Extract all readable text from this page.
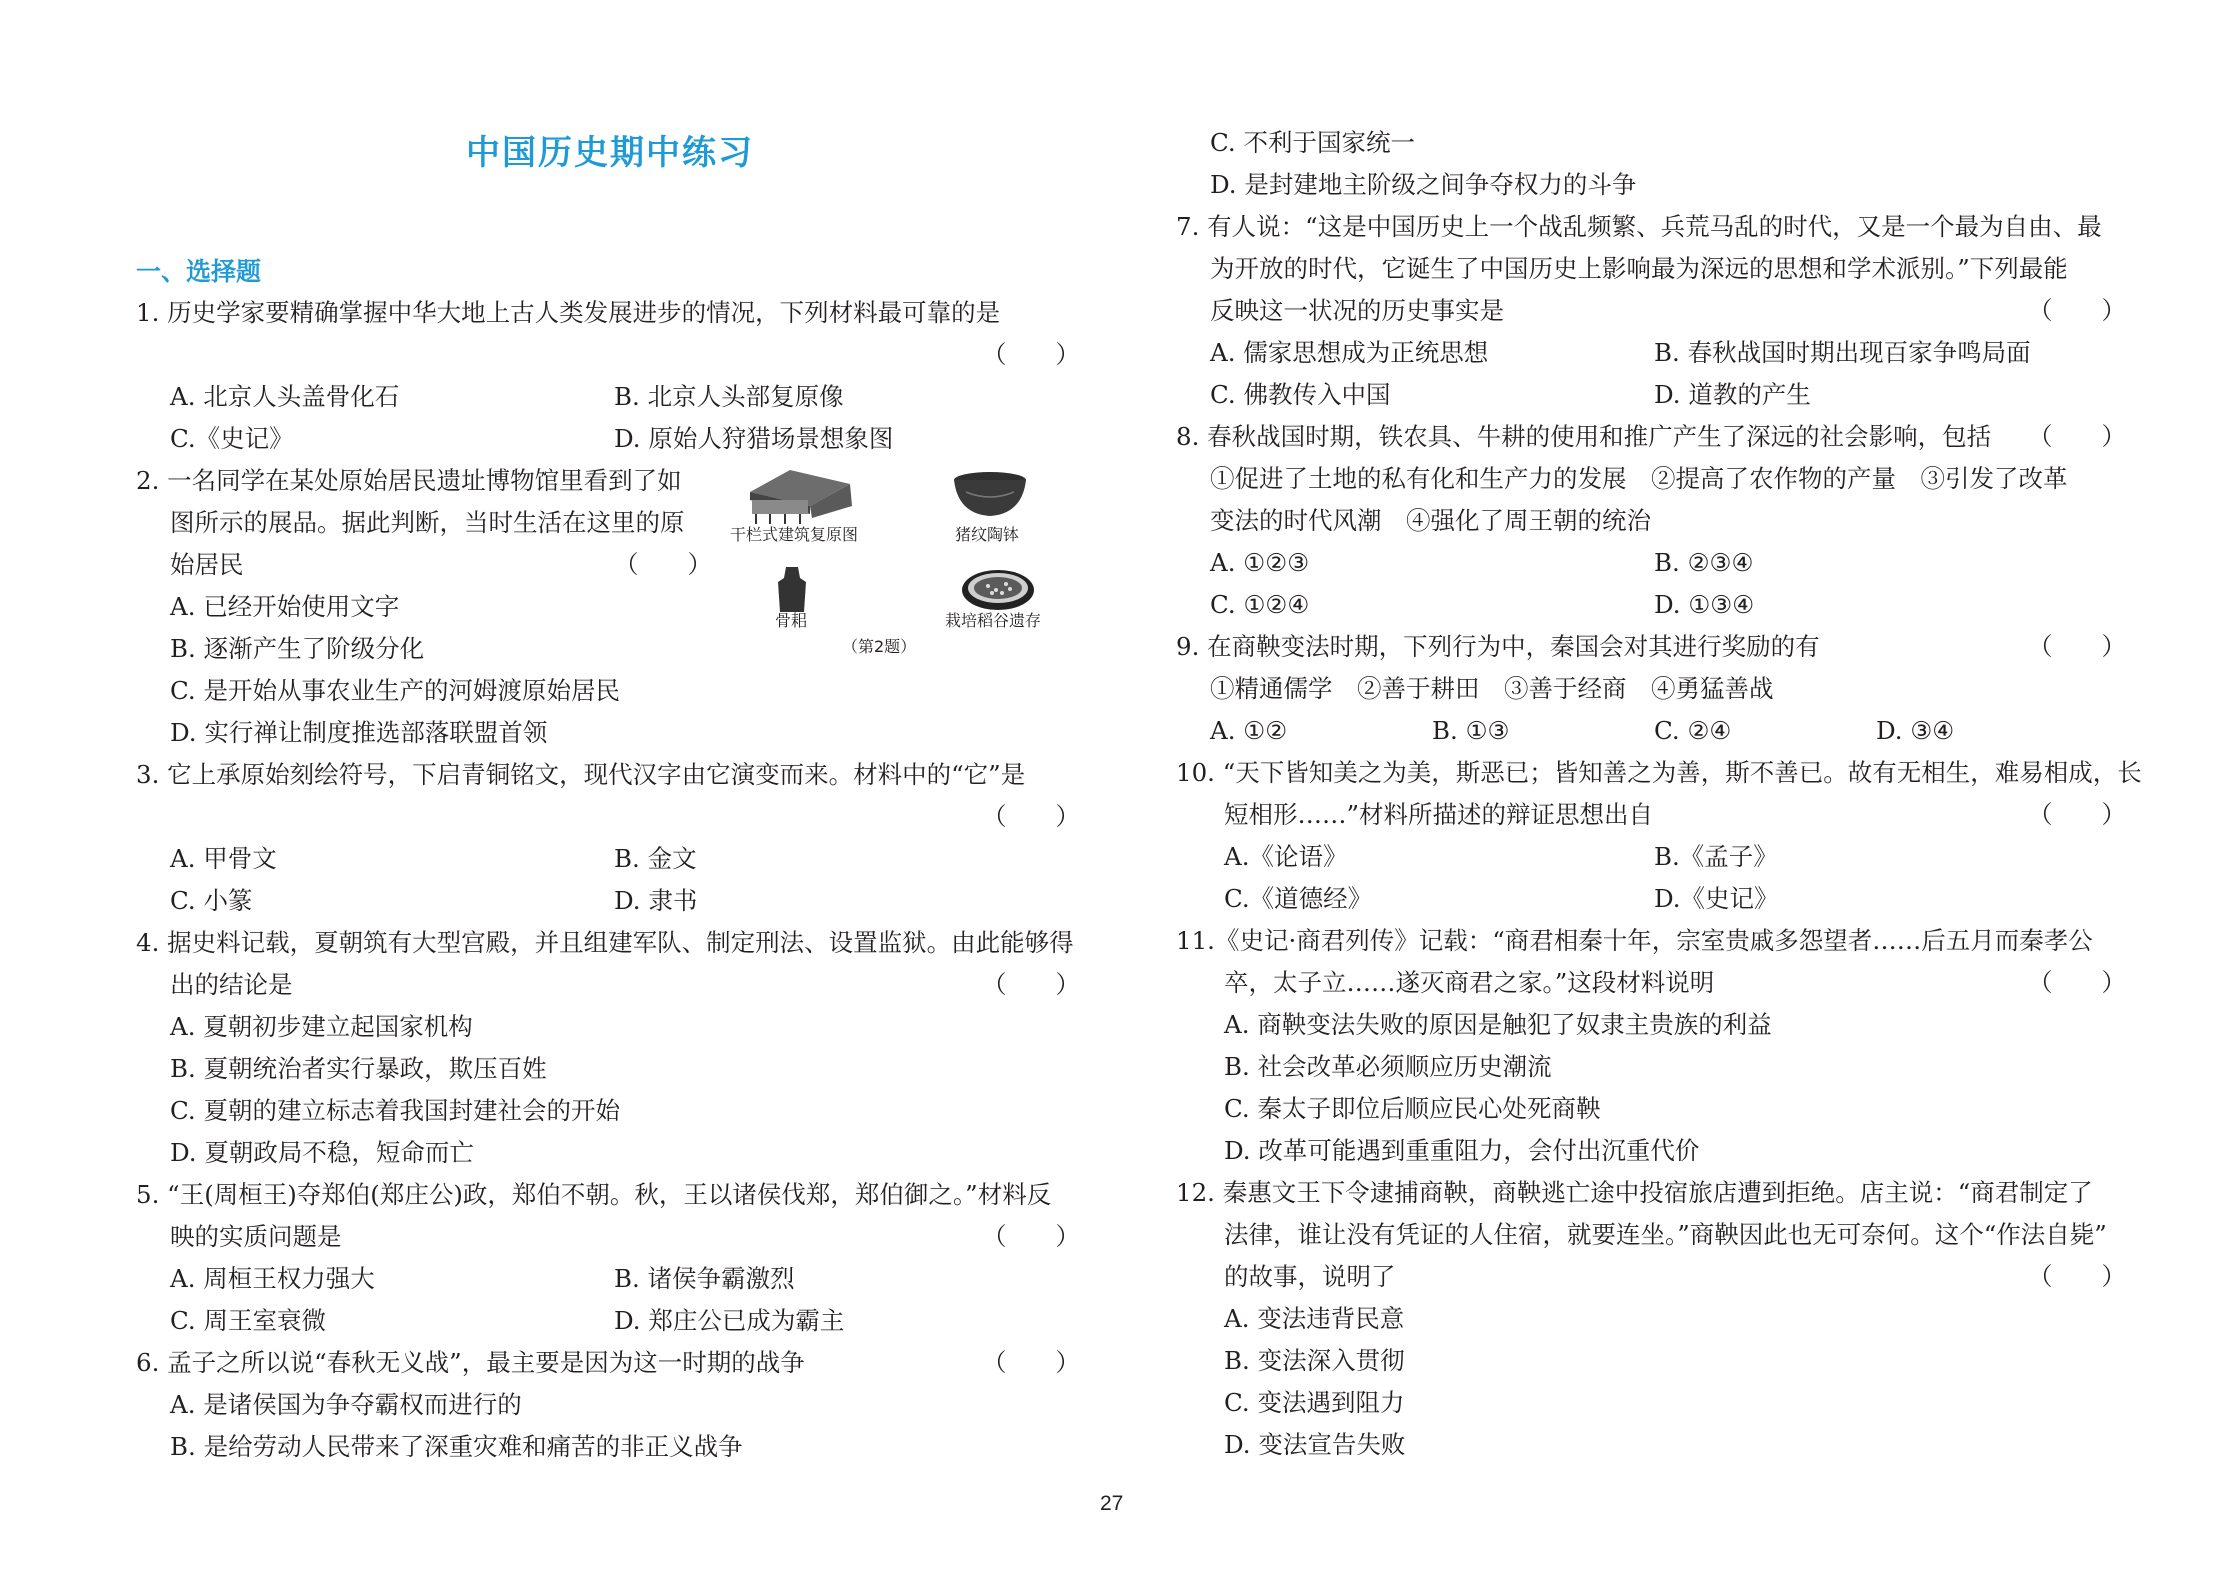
中国历史期中练习
一、选择题
1. 历史学家要精确掌握中华大地上古人类发展进步的情况，下列材料最可靠的是
（　　）
A. 北京人头盖骨化石	B. 北京人头部复原像
C.《史记》	D. 原始人狩猎场景想象图
2. 一名同学在某处原始居民遗址博物馆里看到了如
图所示的展品。据此判断，当时生活在这里的原
始居民	（　　）
A. 已经开始使用文字
B. 逐渐产生了阶级分化
C. 是开始从事农业生产的河姆渡原始居民
D. 实行禅让制度推选部落联盟首领
干栏式建筑复原图	猪纹陶钵
骨耜	栽培稻谷遗存
（第2题）
3. 它上承原始刻绘符号，下启青铜铭文，现代汉字由它演变而来。材料中的“它”是
（　　）
A. 甲骨文	B. 金文
C. 小篆	D. 隶书
4. 据史料记载，夏朝筑有大型宫殿，并且组建军队、制定刑法、设置监狱。由此能够得
出的结论是	（　　）
A. 夏朝初步建立起国家机构
B. 夏朝统治者实行暴政，欺压百姓
C. 夏朝的建立标志着我国封建社会的开始
D. 夏朝政局不稳，短命而亡
5. “王(周桓王)夺郑伯(郑庄公)政，郑伯不朝。秋，王以诸侯伐郑，郑伯御之。”材料反
映的实质问题是	（　　）
A. 周桓王权力强大	B. 诸侯争霸激烈
C. 周王室衰微	D. 郑庄公已成为霸主
6. 孟子之所以说“春秋无义战”，最主要是因为这一时期的战争	（　　）
A. 是诸侯国为争夺霸权而进行的
B. 是给劳动人民带来了深重灾难和痛苦的非正义战争
C. 不利于国家统一
D. 是封建地主阶级之间争夺权力的斗争
7. 有人说：“这是中国历史上一个战乱频繁、兵荒马乱的时代，又是一个最为自由、最
为开放的时代，它诞生了中国历史上影响最为深远的思想和学术派别。”下列最能
反映这一状况的历史事实是	（　　）
A. 儒家思想成为正统思想	B. 春秋战国时期出现百家争鸣局面
C. 佛教传入中国	D. 道教的产生
8. 春秋战国时期，铁农具、牛耕的使用和推广产生了深远的社会影响，包括 （　　）
①促进了土地的私有化和生产力的发展　②提高了农作物的产量　③引发了改革
变法的时代风潮　④强化了周王朝的统治
A. ①②③	B. ②③④
C. ①②④	D. ①③④
9. 在商鞅变法时期，下列行为中，秦国会对其进行奖励的有	（　　）
①精通儒学　②善于耕田　③善于经商　④勇猛善战
A. ①②	B. ①③	C. ②④	D. ③④
10. “天下皆知美之为美，斯恶已；皆知善之为善，斯不善已。故有无相生，难易相成，长
短相形……”材料所描述的辩证思想出自	（　　）
A.《论语》	B.《孟子》
C.《道德经》	D.《史记》
11.《史记·商君列传》记载：“商君相秦十年，宗室贵戚多怨望者……后五月而秦孝公
卒，太子立……遂灭商君之家。”这段材料说明	（　　）
A. 商鞅变法失败的原因是触犯了奴隶主贵族的利益
B. 社会改革必须顺应历史潮流
C. 秦太子即位后顺应民心处死商鞅
D. 改革可能遇到重重阻力，会付出沉重代价
12. 秦惠文王下令逮捕商鞅，商鞅逃亡途中投宿旅店遭到拒绝。店主说：“商君制定了
法律，谁让没有凭证的人住宿，就要连坐。”商鞅因此也无可奈何。这个“作法自毙”
的故事，说明了	（　　）
A. 变法违背民意
B. 变法深入贯彻
C. 变法遇到阻力
D. 变法宣告失败
27
